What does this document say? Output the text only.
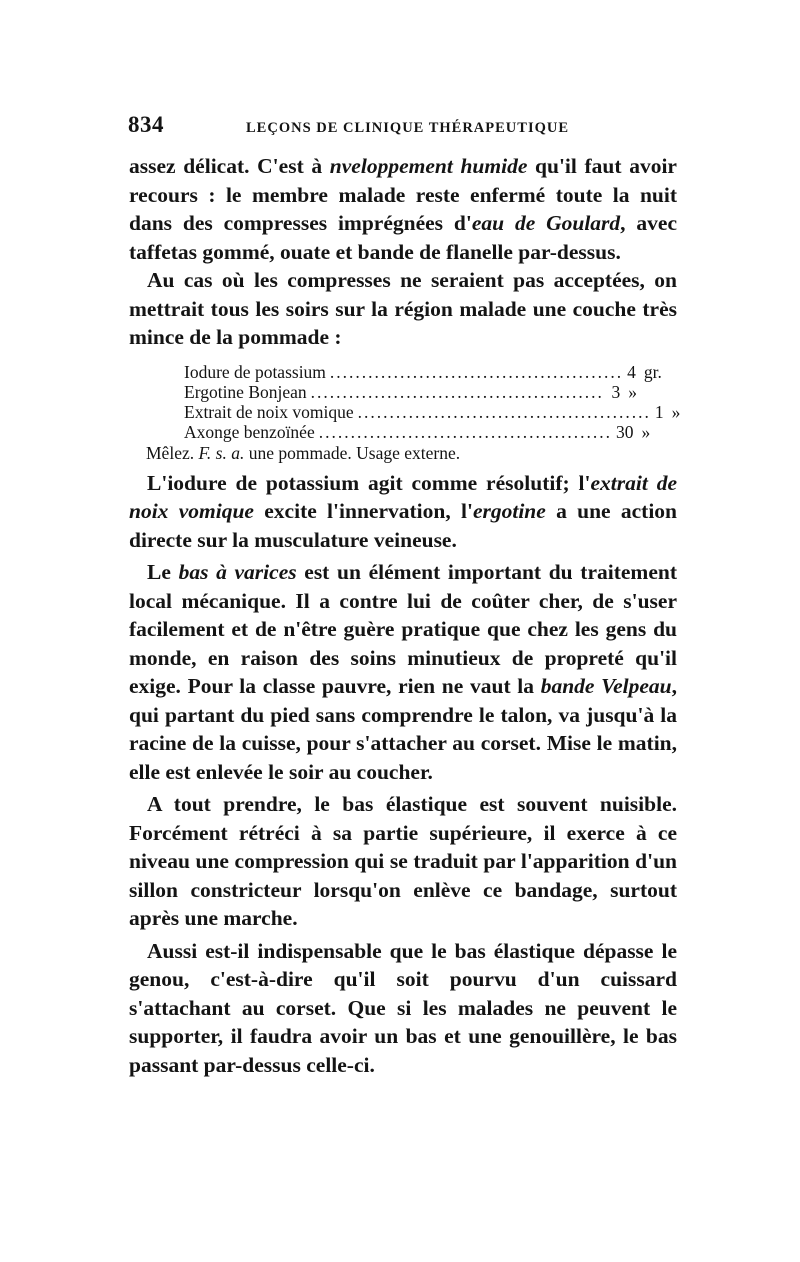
834	LEÇONS DE CLINIQUE THÉRAPEUTIQUE

assez délicat. C'est à nveloppement humide qu'il faut avoir recours : le membre malade reste enfermé toute la nuit dans des compresses imprégnées d'eau de Goulard, avec taffetas gommé, ouate et bande de flanelle par-dessus.

Au cas où les compresses ne seraient pas acceptées, on mettrait tous les soirs sur la région malade une couche très mince de la pommade :

Iodure de potassium .............................................. 4 gr.
Ergotine Bonjean .............................................. 3 »
Extrait de noix vomique .............................................. 1 »
Axonge benzoïnée .............................................. 30 »
Mêlez. F. s. a. une pommade. Usage externe.

L'iodure de potassium agit comme résolutif; l'extrait de noix vomique excite l'innervation, l'ergotine a une action directe sur la musculature veineuse.

Le bas à varices est un élément important du traitement local mécanique. Il a contre lui de coûter cher, de s'user facilement et de n'être guère pratique que chez les gens du monde, en raison des soins minutieux de propreté qu'il exige. Pour la classe pauvre, rien ne vaut la bande Velpeau, qui partant du pied sans comprendre le talon, va jusqu'à la racine de la cuisse, pour s'attacher au corset. Mise le matin, elle est enlevée le soir au coucher.

A tout prendre, le bas élastique est souvent nuisible. Forcément rétréci à sa partie supérieure, il exerce à ce niveau une compression qui se traduit par l'apparition d'un sillon constricteur lorsqu'on enlève ce bandage, surtout après une marche.

Aussi est-il indispensable que le bas élastique dépasse le genou, c'est-à-dire qu'il soit pourvu d'un cuissard s'attachant au corset. Que si les malades ne peuvent le supporter, il faudra avoir un bas et une genouillère, le bas passant par-dessus celle-ci.
